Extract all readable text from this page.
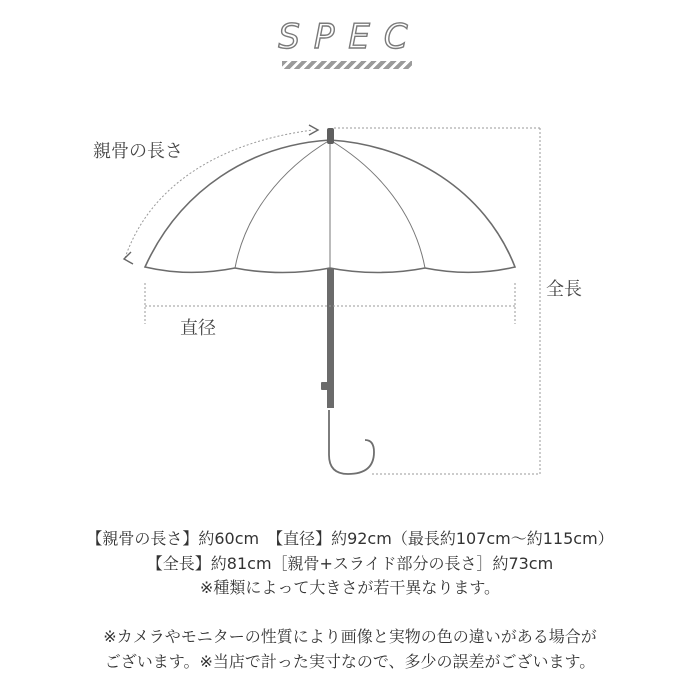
SPEC
親骨の長さ
直径
全長
【親骨の長さ】約60cm　【直径】約92cm（最長約107cm～約115cm）
【全長】約81cm［親骨+スライド部分の長さ］約73cm
※種類によって大きさが若干異なります。
※カメラやモニターの性質により画像と実物の色の違いがある場合が
ございます。※当店で計った実寸なので、多少の誤差がございます。
